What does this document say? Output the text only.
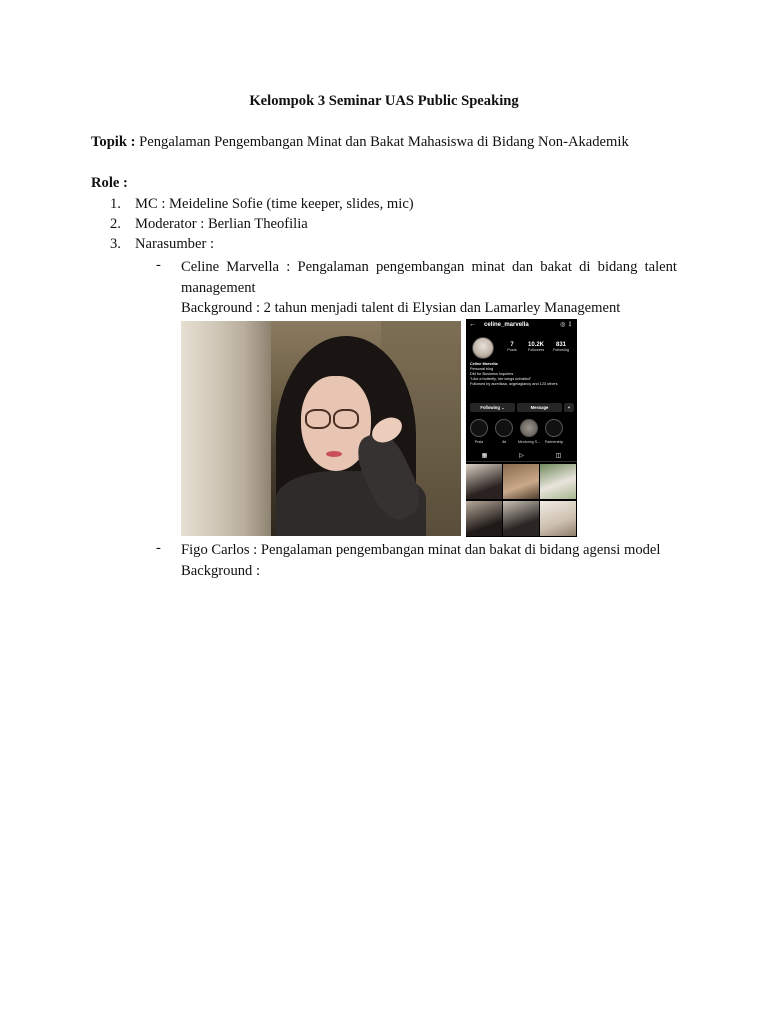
Kelompok 3 Seminar UAS Public Speaking
Topik : Pengalaman Pengembangan Minat dan Bakat Mahasiswa di Bidang Non-Akademik
Role :
1. MC : Meideline Sofie (time keeper, slides, mic)
2. Moderator : Berlian Theofilia
3. Narasumber :
- Celine Marvella : Pengalaman pengembangan minat dan bakat di bidang talent
management
Background : 2 tahun menjadi talent di Elysian dan Lamarley Management
← celine_marvella	◎ ⋮
7
Posts
10.2K
Followers
831
Following
Celine Marvella
Personal blog
DM for Business Inquiries
"Like a butterfly, her wings unfolded"
Followed by aurelikaa, angelagiancy and 123 others
Following ⌄	Message	+
Praia	Jkt	Mentoring S...	Partnership
▦	▷	◫
- Figo Carlos : Pengalaman pengembangan minat dan bakat di bidang agensi model
Background :
